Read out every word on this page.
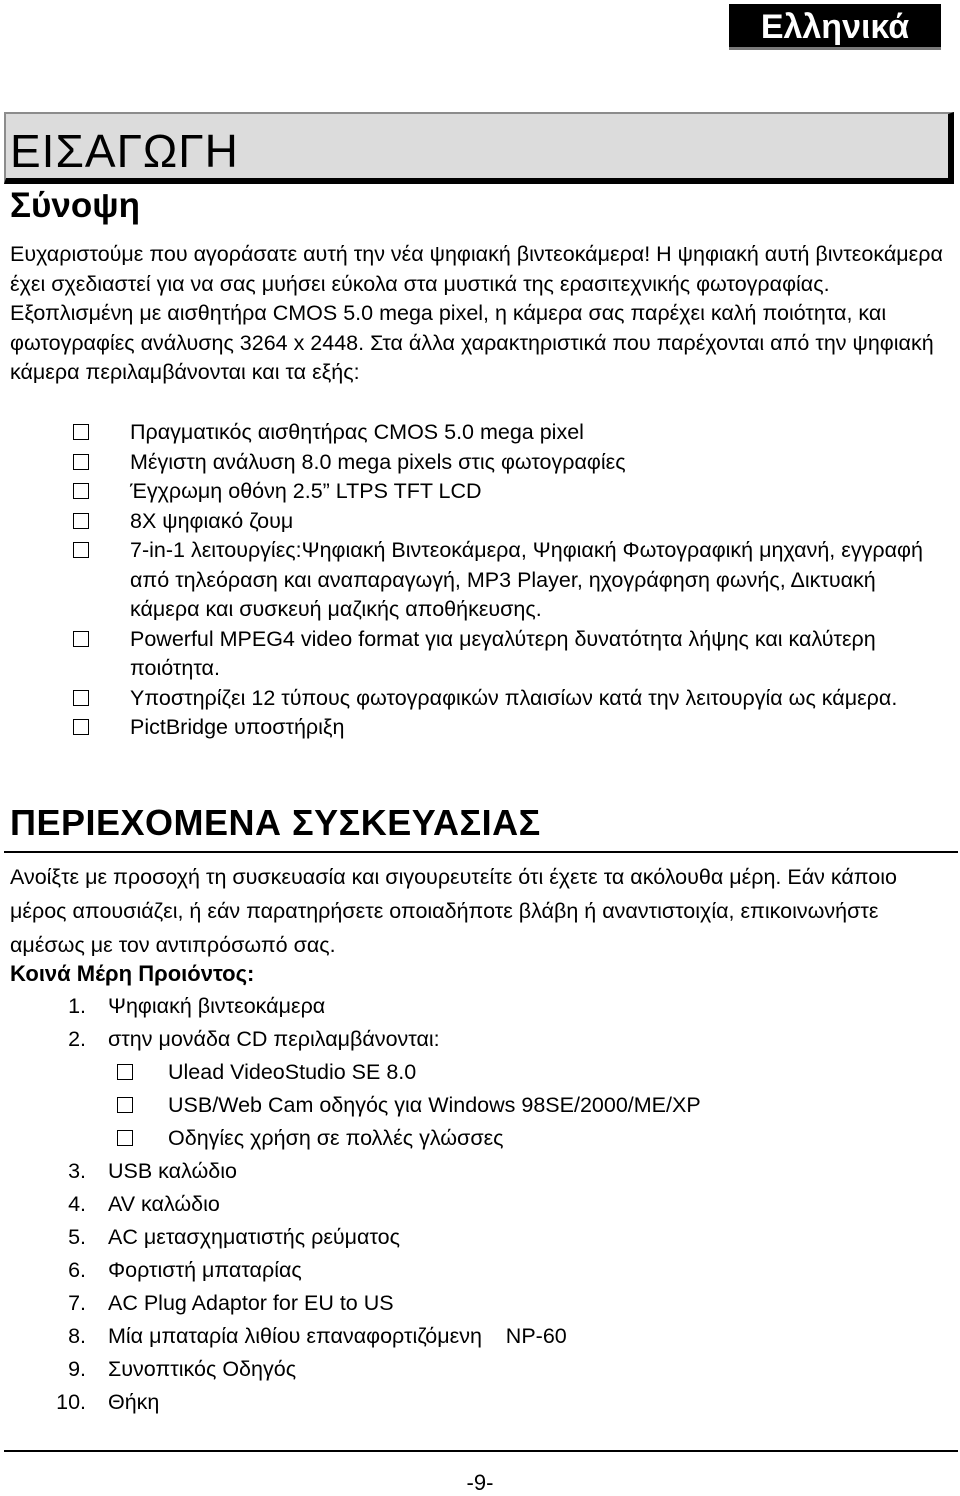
Ελληνικά
ΕΙΣΑΓΩΓΗ
Σύνοψη

Ευχαριστούμε που αγοράσατε αυτή την νέα ψηφιακή βιντεοκάμερα! Η ψηφιακή αυτή βιντεοκάμερα έχει σχεδιαστεί για να σας μυήσει εύκολα στα μυστικά της ερασιτεχνικής φωτογραφίας. Εξοπλισμένη με αισθητήρα CMOS 5.0 mega pixel, η κάμερα σας παρέχει καλή ποιότητα, και φωτογραφίες ανάλυσης 3264 x 2448. Στα άλλα χαρακτηριστικά που παρέχονται από την ψηφιακή κάμερα περιλαμβάνονται και τα εξής:

Πραγματικός αισθητήρας CMOS 5.0 mega pixel
Μέγιστη ανάλυση 8.0 mega pixels στις φωτογραφίες
Έγχρωμη οθόνη 2.5” LTPS TFT LCD
8X ψηφιακό ζουμ
7-in-1 λειτουργίες:Ψηφιακή Βιντεοκάμερα, Ψηφιακή Φωτογραφική μηχανή, εγγραφή από τηλεόραση και αναπαραγωγή, MP3 Player, ηχογράφηση φωνής, Δικτυακή κάμερα και συσκευή μαζικής αποθήκευσης.
Powerful MPEG4 video format για μεγαλύτερη δυνατότητα λήψης και καλύτερη ποιότητα.
Υποστηρίζει 12 τύπους φωτογραφικών πλαισίων κατά την λειτουργία ως κάμερα.
PictBridge υποστήριξη
ΠΕΡΙΕΧΟΜΕΝΑ ΣΥΣΚΕΥΑΣΙΑΣ

Ανοίξτε με προσοχή τη συσκευασία και σιγουρευτείτε ότι έχετε τα ακόλουθα μέρη. Εάν κάποιο μέρος απουσιάζει, ή εάν παρατηρήσετε οποιαδήποτε βλάβη ή αναντιστοιχία, επικοινωνήστε αμέσως με τον αντιπρόσωπό σας.

Κοινά Μέρη Προιόντος:
1. Ψηφιακή βιντεοκάμερα
2. στην μονάδα CD περιλαμβάνονται:
Ulead VideoStudio SE 8.0
USB/Web Cam οδηγός για Windows 98SE/2000/ME/XP
Οδηγίες χρήση σε πολλές γλώσσες
3. USB καλώδιο
4. AV καλώδιο
5. AC μετασχηματιστής ρεύματος
6. Φορτιστή μπαταρίας
7. AC Plug Adaptor for EU to US
8. Μία μπαταρία λιθίου επαναφορτιζόμενη    NP-60
9. Συνοπτικός Οδηγός
10. Θήκη
-9-
